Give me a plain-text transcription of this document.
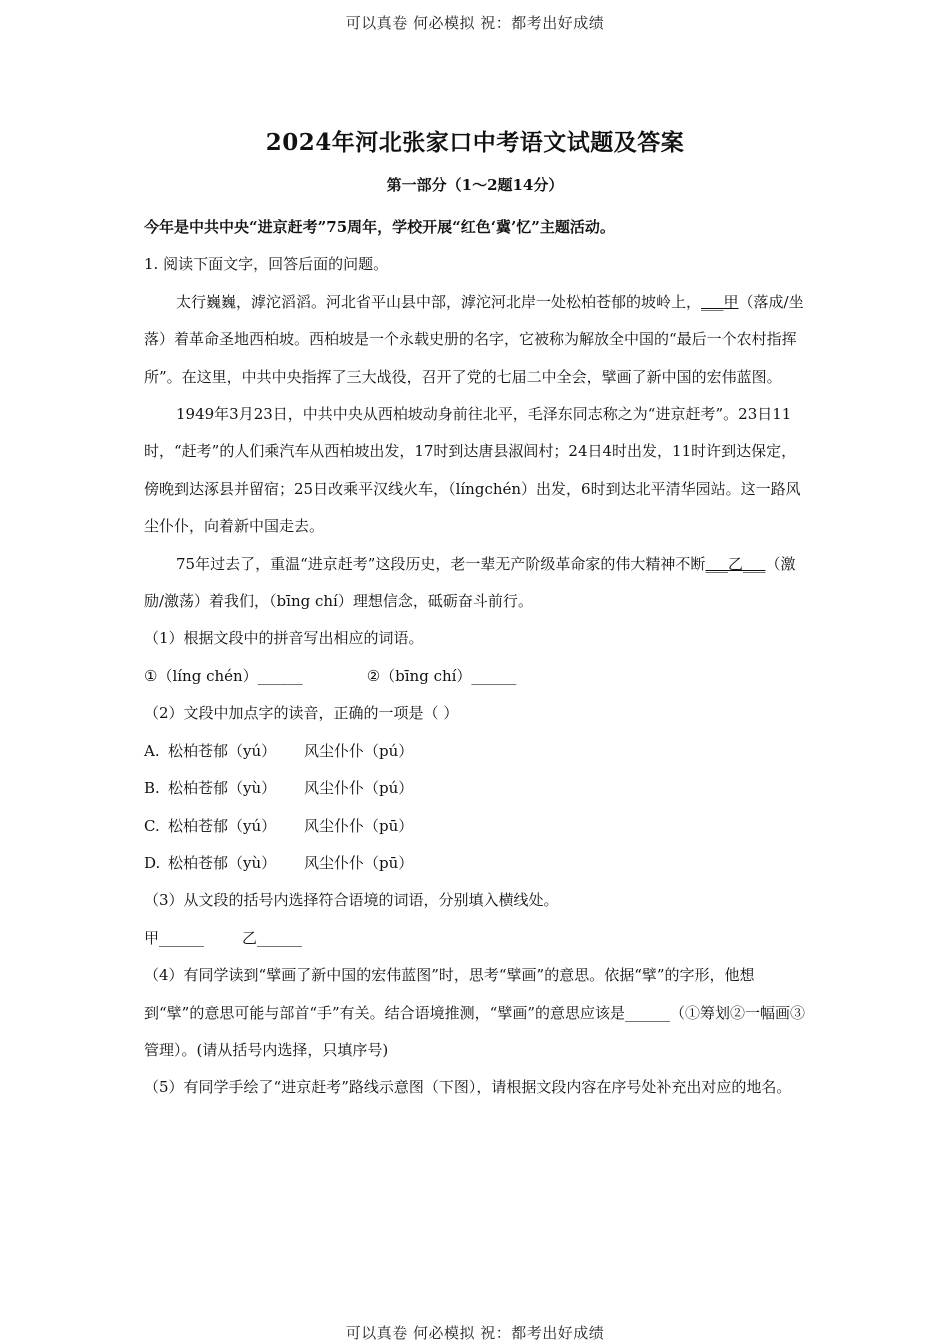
可以真卷 何必模拟 祝：都考出好成绩
2024年河北张家口中考语文试题及答案
第一部分（1～2题14分）

今年是中共中央“进京赶考”75周年，学校开展“红色‘冀’忆”主题活动。

1. 阅读下面文字，回答后面的问题。

太行巍巍，滹沱滔滔。河北省平山县中部，滹沱河北岸一处松柏苍郁的坡岭上，___甲（落成/坐落）着革命圣地西柏坡。西柏坡是一个永载史册的名字，它被称为解放全中国的“最后一个农村指挥所”。在这里，中共中央指挥了三大战役，召开了党的七届二中全会，擘画了新中国的宏伟蓝图。

1949年3月23日，中共中央从西柏坡动身前往北平，毛泽东同志称之为“进京赶考”。23日11时，“赶考”的人们乘汽车从西柏坡出发，17时到达唐县淑闾村；24日4时出发，11时许到达保定，傍晚到达涿县并留宿；25日改乘平汉线火车，（língchén）出发，6时到达北平清华园站。这一路风尘仆仆，向着新中国走去。

75年过去了，重温“进京赶考”这段历史，老一辈无产阶级革命家的伟大精神不断___乙___（激励/激荡）着我们，（bīng chí）理想信念，砥砺奋斗前行。

（1）根据文段中的拼音写出相应的词语。

①（líng chén）______	②（bīng chí）______

（2）文段中加点字的读音，正确的一项是（ ）

A. 松柏苍郁（yú）	风尘仆仆（pú）

B. 松柏苍郁（yù）	风尘仆仆（pú）

C. 松柏苍郁（yú）	风尘仆仆（pū）

D. 松柏苍郁（yù）	风尘仆仆（pū）

（3）从文段的括号内选择符合语境的词语，分别填入横线处。

甲______	乙______

（4）有同学读到“擘画了新中国的宏伟蓝图”时，思考“擘画”的意思。依据“擘”的字形，他想到“擘”的意思可能与部首“手”有关。结合语境推测，“擘画”的意思应该是______（①筹划②一幅画③管理）。(请从括号内选择，只填序号)

（5）有同学手绘了“进京赶考”路线示意图（下图），请根据文段内容在序号处补充出对应的地名。

可以真卷 何必模拟 祝：都考出好成绩
